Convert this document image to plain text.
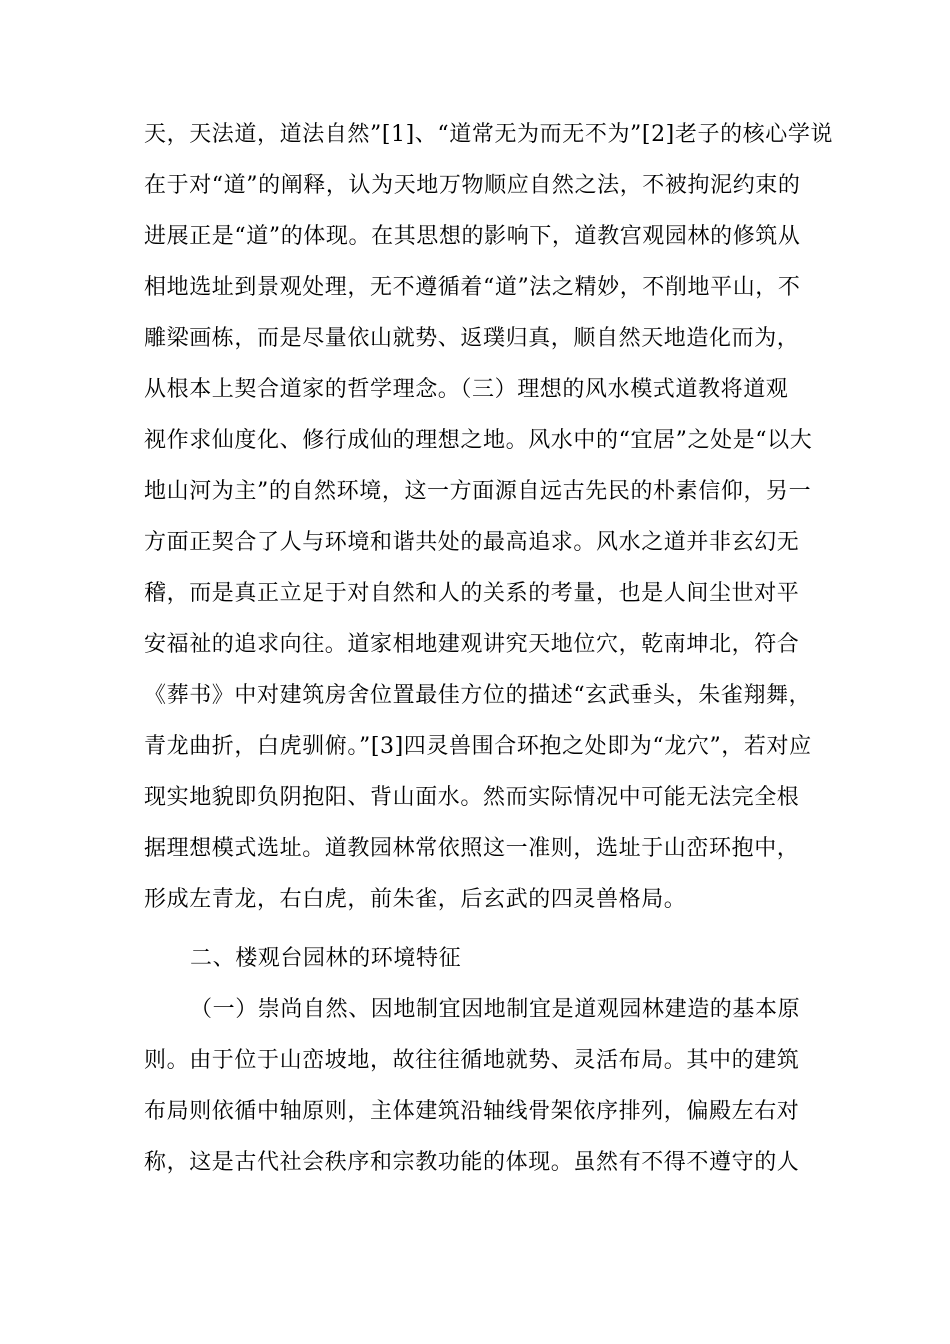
天，天法道，道法自然”[1]、“道常无为而无不为”[2]老子的核心学说
在于对“道”的阐释，认为天地万物顺应自然之法，不被拘泥约束的
进展正是“道”的体现。在其思想的影响下，道教宫观园林的修筑从
相地选址到景观处理，无不遵循着“道”法之精妙，不削地平山，不
雕梁画栋，而是尽量依山就势、返璞归真，顺自然天地造化而为，
从根本上契合道家的哲学理念。（三）理想的风水模式道教将道观
视作求仙度化、修行成仙的理想之地。风水中的“宜居”之处是“以大
地山河为主”的自然环境，这一方面源自远古先民的朴素信仰，另一
方面正契合了人与环境和谐共处的最高追求。风水之道并非玄幻无
稽，而是真正立足于对自然和人的关系的考量，也是人间尘世对平
安福祉的追求向往。道家相地建观讲究天地位穴，乾南坤北，符合
《葬书》中对建筑房舍位置最佳方位的描述“玄武垂头，朱雀翔舞，
青龙曲折，白虎驯俯。”[3]四灵兽围合环抱之处即为“龙穴”，若对应
现实地貌即负阴抱阳、背山面水。然而实际情况中可能无法完全根
据理想模式选址。道教园林常依照这一准则，选址于山峦环抱中，
形成左青龙，右白虎，前朱雀，后玄武的四灵兽格局。
二、楼观台园林的环境特征
（一）崇尚自然、因地制宜因地制宜是道观园林建造的基本原
则。由于位于山峦坡地，故往往循地就势、灵活布局。其中的建筑
布局则依循中轴原则，主体建筑沿轴线骨架依序排列，偏殿左右对
称，这是古代社会秩序和宗教功能的体现。虽然有不得不遵守的人
